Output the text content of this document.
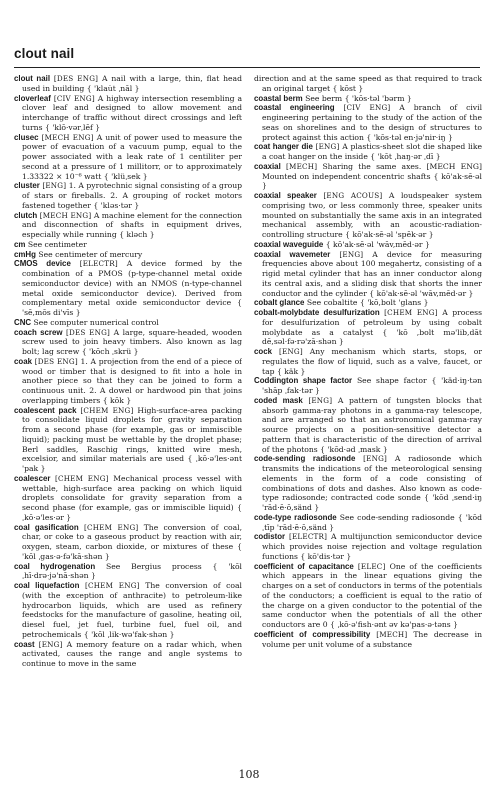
clout nail

clout nail [DES ENG] A nail with a large, thin, flat head used in building { 'klau̇t ˌnāl }

cloverleaf [CIV ENG] A highway intersection resembling a clover leaf and designed to allow movement and interchange of traffic without direct crossings and left turns { 'klō·vərˌlēf }

clusec [MECH ENG] A unit of power used to measure the power of evacuation of a vacuum pump, equal to the power associated with a leak rate of 1 centiliter per second at a pressure of 1 millitorr, or to approximately 1.33322 × 10⁻⁶ watt { 'klüˌsek }

cluster [ENG] 1. A pyrotechnic signal consisting of a group of stars or fireballs. 2. A grouping of rocket motors fastened together { 'kləs·tər }

clutch [MECH ENG] A machine element for the connection and disconnection of shafts in equipment drives, especially while running { kləch }

cm See centimeter

cmHg See centimeter of mercury

CMOS device [ELECTR] A device formed by the combination of a PMOS (p-type-channel metal oxide semiconductor device) with an NMOS (n-type-channel metal oxide semiconductor device). Derived from complementary metal oxide semiconductor device { 'sē,mōs di'vīs }

CNC See computer numerical control

coach screw [DES ENG] A large, square-headed, wooden screw used to join heavy timbers. Also known as lag bolt; lag screw { 'kōch ˌskrü }

coak [DES ENG] 1. A projection from the end of a piece of wood or timber that is designed to fit into a hole in another piece so that they can be joined to form a continuous unit. 2. A dowel or hardwood pin that joins overlapping timbers { kōk }

coalescent pack [CHEM ENG] High-surface-area packing to consolidate liquid droplets for gravity separation from a second phase (for example, gas or immiscible liquid); packing must be wettable by the droplet phase; Berl saddles, Raschig rings, knitted wire mesh, excelsior, and similar materials are used { ˌkō·ə'les·ənt 'pak }

coalescer [CHEM ENG] Mechanical process vessel with wettable, high-surface area packing on which liquid droplets consolidate for gravity separation from a second phase (for example, gas or immiscible liquid) { ˌkō·ə'les·ər }

coal gasification [CHEM ENG] The conversion of coal, char, or coke to a gaseous product by reaction with air, oxygen, steam, carbon dioxide, or mixtures of these { 'kōl ˌgas·ə·fə'kā·shən }

coal hydrogenation See Bergius process { 'kōl ˌhī·drə·jə'nā·shən }

coal liquefaction [CHEM ENG] The conversion of coal (with the exception of anthracite) to petroleum-like hydrocarbon liquids, which are used as refinery feedstocks for the manufacture of gasoline, heating oil, diesel fuel, jet fuel, turbine fuel, fuel oil, and petrochemicals { 'kōl ˌlik·wə'fak·shən }

coast [ENG] A memory feature on a radar which, when activated, causes the range and angle systems to continue to move in the same

direction and at the same speed as that required to track an original target { kōst }

coastal berm See berm { 'kōs·təl 'bərm }

coastal engineering [CIV ENG] A branch of civil engineering pertaining to the study of the action of the seas on shorelines and to the design of structures to protect against this action { 'kōs·təl en·jə'nir·iŋ }

coat hanger die [ENG] A plastics-sheet slot die shaped like a coat hanger on the inside { 'kōt ˌhaŋ·ər ˌdī }

coaxial [MECH] Sharing the same axes. [MECH ENG] Mounted on independent concentric shafts { kō'ak·sē·əl }

coaxial speaker [ENG ACOUS] A loudspeaker system comprising two, or less commonly three, speaker units mounted on substantially the same axis in an integrated mechanical assembly, with an acoustic-radiation-controlling structure { kō'ak·sē·əl 'spēk·ər }

coaxial waveguide { kō'ak·sē·əl 'wāv,mēd·ər }

coaxial wavemeter [ENG] A device for measuring frequencies above about 100 megahertz, consisting of a rigid metal cylinder that has an inner conductor along its central axis, and a sliding disk that shorts the inner conductor and the cylinder { kō'ak·sē·əl 'wāv,mēd·ər }

cobalt glance See cobaltite { 'kō,bolt 'glans }

cobalt-molybdate desulfurization [CHEM ENG] A process for desulfurization of petroleum by using cobalt molybdate as a catalyst { 'kō ,bolt mə'lib,dāt dē,səl·fə·rə'zā·shən }

cock [ENG] Any mechanism which starts, stops, or regulates the flow of liquid, such as a valve, faucet, or tap { käk }

Coddington shape factor See shape factor { 'käd·iŋ·tən 'shāp ˌfak·tər }

coded mask [ENG] A pattern of tungsten blocks that absorb gamma-ray photons in a gamma-ray telescope, and are arranged so that an astronomical gamma-ray source projects on a position-sensitive detector a pattern that is characteristic of the direction of arrival of the photons { 'kōd·əd ˌmask }

code-sending radiosonde [ENG] A radiosonde which transmits the indications of the meteorological sensing elements in the form of a code consisting of combinations of dots and dashes. Also known as code-type radiosonde; contracted code sonde { 'kōd ˌsend·iŋ 'rād·ē·ō,sänd }

code-type radiosonde See code-sending radiosonde { 'kōd ˌtīp 'rād·ē·ō,sänd }

codistor [ELECTR] A multijunction semiconductor device which provides noise rejection and voltage regulation functions { kō'dis·tər }

coefficient of capacitance [ELEC] One of the coefficients which appears in the linear equations giving the charges on a set of conductors in terms of the potentials of the conductors; a coefficient is equal to the ratio of the charge on a given conductor to the potential of the same conductor when the potentials of all the other conductors are 0 { ˌkō·ə'fish·ənt əv kə'pas·ə·təns }

coefficient of compressibility [MECH] The decrease in volume per unit volume of a substance

108
